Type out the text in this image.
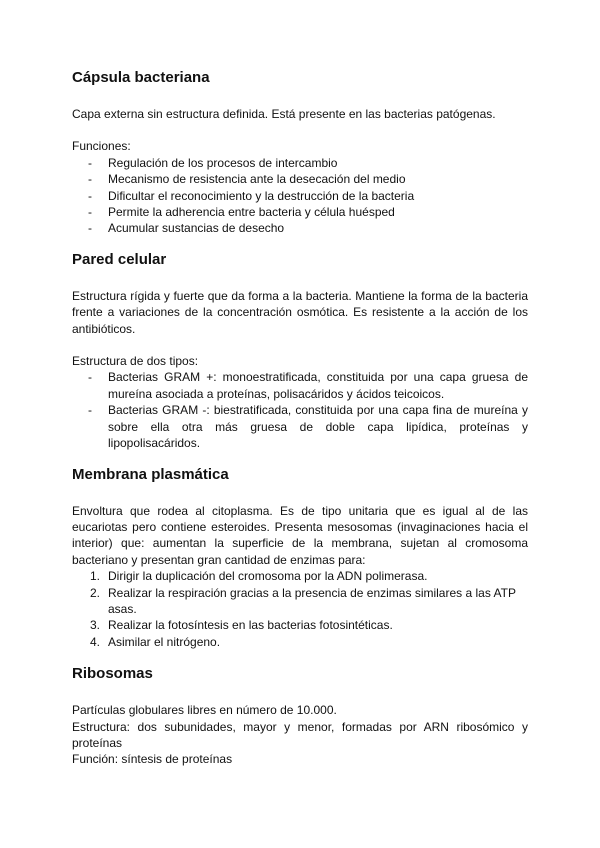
Cápsula bacteriana

Capa externa sin estructura definida. Está presente en las bacterias patógenas.

Funciones:

- Regulación de los procesos de intercambio
- Mecanismo de resistencia ante la desecación del medio
- Dificultar el reconocimiento y la destrucción de la bacteria
- Permite la adherencia entre bacteria y célula huésped
- Acumular sustancias de desecho
Pared celular

Estructura rígida y fuerte que da forma a la bacteria. Mantiene la forma de la bacteria frente a variaciones de la concentración osmótica. Es resistente a la acción de los antibióticos.

Estructura de dos tipos:

- Bacterias GRAM +: monoestratificada, constituida por una capa gruesa de mureína asociada a proteínas, polisacáridos y ácidos teicoicos.
- Bacterias GRAM -: biestratificada, constituida por una capa fina de mureína y sobre ella otra más gruesa de doble capa lipídica, proteínas y lipopolisacáridos.
Membrana plasmática

Envoltura que rodea al citoplasma. Es de tipo unitaria que es igual al de las eucariotas pero contiene esteroides. Presenta mesosomas (invaginaciones hacia el interior) que: aumentan la superficie de la membrana, sujetan al cromosoma bacteriano y presentan gran cantidad de enzimas para:

1. Dirigir la duplicación del cromosoma por la ADN polimerasa.
2. Realizar la respiración gracias a la presencia de enzimas similares a las ATP asas.
3. Realizar la fotosíntesis en las bacterias fotosintéticas.
4. Asimilar el nitrógeno.
Ribosomas

Partículas globulares libres en número de 10.000.

Estructura: dos subunidades, mayor y menor, formadas por ARN ribosómico y proteínas

Función: síntesis de proteínas
